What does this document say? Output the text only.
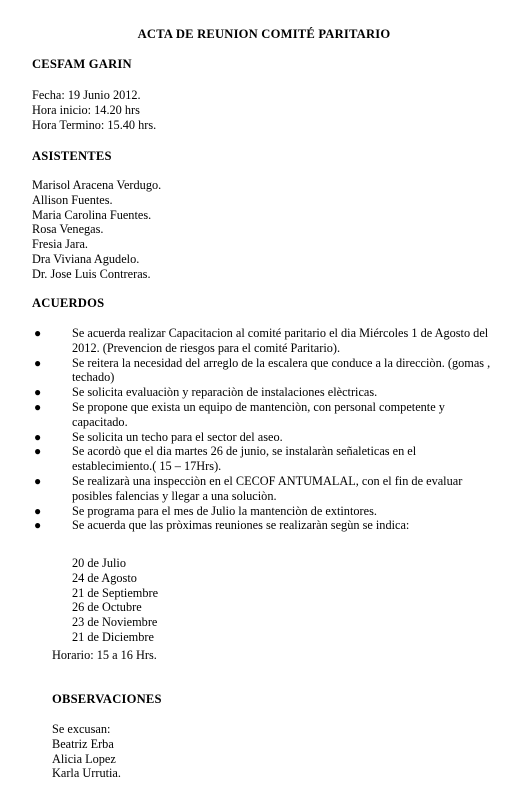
ACTA DE REUNION COMITÉ PARITARIO
CESFAM GARIN
Fecha: 19 Junio 2012.
Hora inicio: 14.20 hrs
Hora Termino: 15.40 hrs.
ASISTENTES
Marisol Aracena Verdugo.
Allison Fuentes.
Maria Carolina Fuentes.
Rosa Venegas.
Fresia Jara.
Dra Viviana Agudelo.
Dr. Jose Luis Contreras.
ACUERDOS
●	Se acuerda realizar Capacitacion al comité paritario el dia Miércoles 1 de Agosto del 2012. (Prevencion de riesgos para el comité Paritario).
●	Se reitera la necesidad del arreglo de la escalera que conduce a la direcciòn. (gomas , techado)
●	Se solicita evaluaciòn y reparaciòn de instalaciones elèctricas.
●	Se propone que exista un equipo de mantenciòn, con personal competente y capacitado.
●	Se solicita un techo para el sector del aseo.
●	Se acordò que el dia martes 26 de junio, se instalaràn señaleticas en el establecimiento.( 15 – 17Hrs).
●	Se realizarà una inspecciòn en el CECOF ANTUMALAL, con el fin de evaluar posibles falencias y llegar a una soluciòn.
●	Se programa para el mes de Julio la mantenciòn de extintores.
●	Se acuerda que las pròximas reuniones se realizaràn segùn se indica:
20 de Julio
24 de Agosto
21 de Septiembre
26 de Octubre
23 de Noviembre
21 de Diciembre
Horario: 15 a 16 Hrs.
OBSERVACIONES
Se excusan:
Beatriz Erba
Alicia Lopez
Karla Urrutia.
